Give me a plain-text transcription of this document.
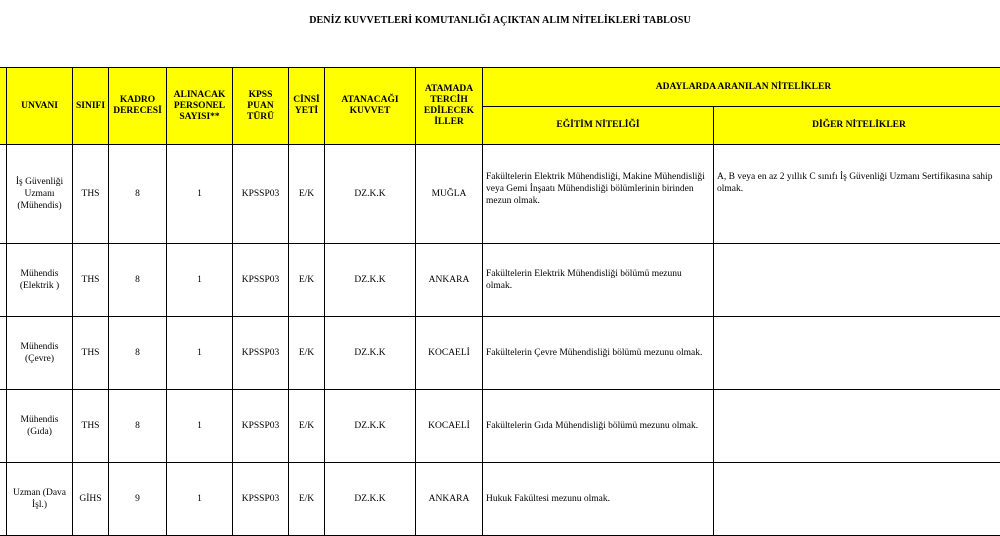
DENİZ KUVVETLERİ KOMUTANLIĞI AÇIKTAN ALIM NİTELİKLERİ TABLOSU
	UNVANI	SINIFI	KADRO DERECESİ	ALINACAK PERSONEL SAYISI**	KPSS PUAN TÜRÜ	CİNSİ YETİ	ATANACAĞI KUVVET	ATAMADA TERCİH EDİLECEK İLLER	ADAYLARDA ARANILAN NİTELİKLER	
									EĞİTİM NİTELİĞİ	DİĞER NİTELİKLER
	İş Güvenliği Uzmanı (Mühendis)	THS	8	1	KPSSP03	E/K	DZ.K.K	MUĞLA	Fakültelerin Elektrik Mühendisliği, Makine Mühendisliği veya Gemi İnşaatı Mühendisliği bölümlerinin birinden mezun olmak.	A, B veya en az 2 yıllık C sınıfı İş Güvenliği Uzmanı Sertifikasına sahip olmak.
	Mühendis (Elektrik )	THS	8	1	KPSSP03	E/K	DZ.K.K	ANKARA	Fakültelerin Elektrik Mühendisliği bölümü mezunu olmak.	
	Mühendis (Çevre)	THS	8	1	KPSSP03	E/K	DZ.K.K	KOCAELİ	Fakültelerin Çevre Mühendisliği bölümü mezunu olmak.	
	Mühendis (Gıda)	THS	8	1	KPSSP03	E/K	DZ.K.K	KOCAELİ	Fakültelerin Gıda Mühendisliği bölümü mezunu olmak.	
	Uzman (Dava İşl.)	GİHS	9	1	KPSSP03	E/K	DZ.K.K	ANKARA	Hukuk Fakültesi mezunu olmak.	
